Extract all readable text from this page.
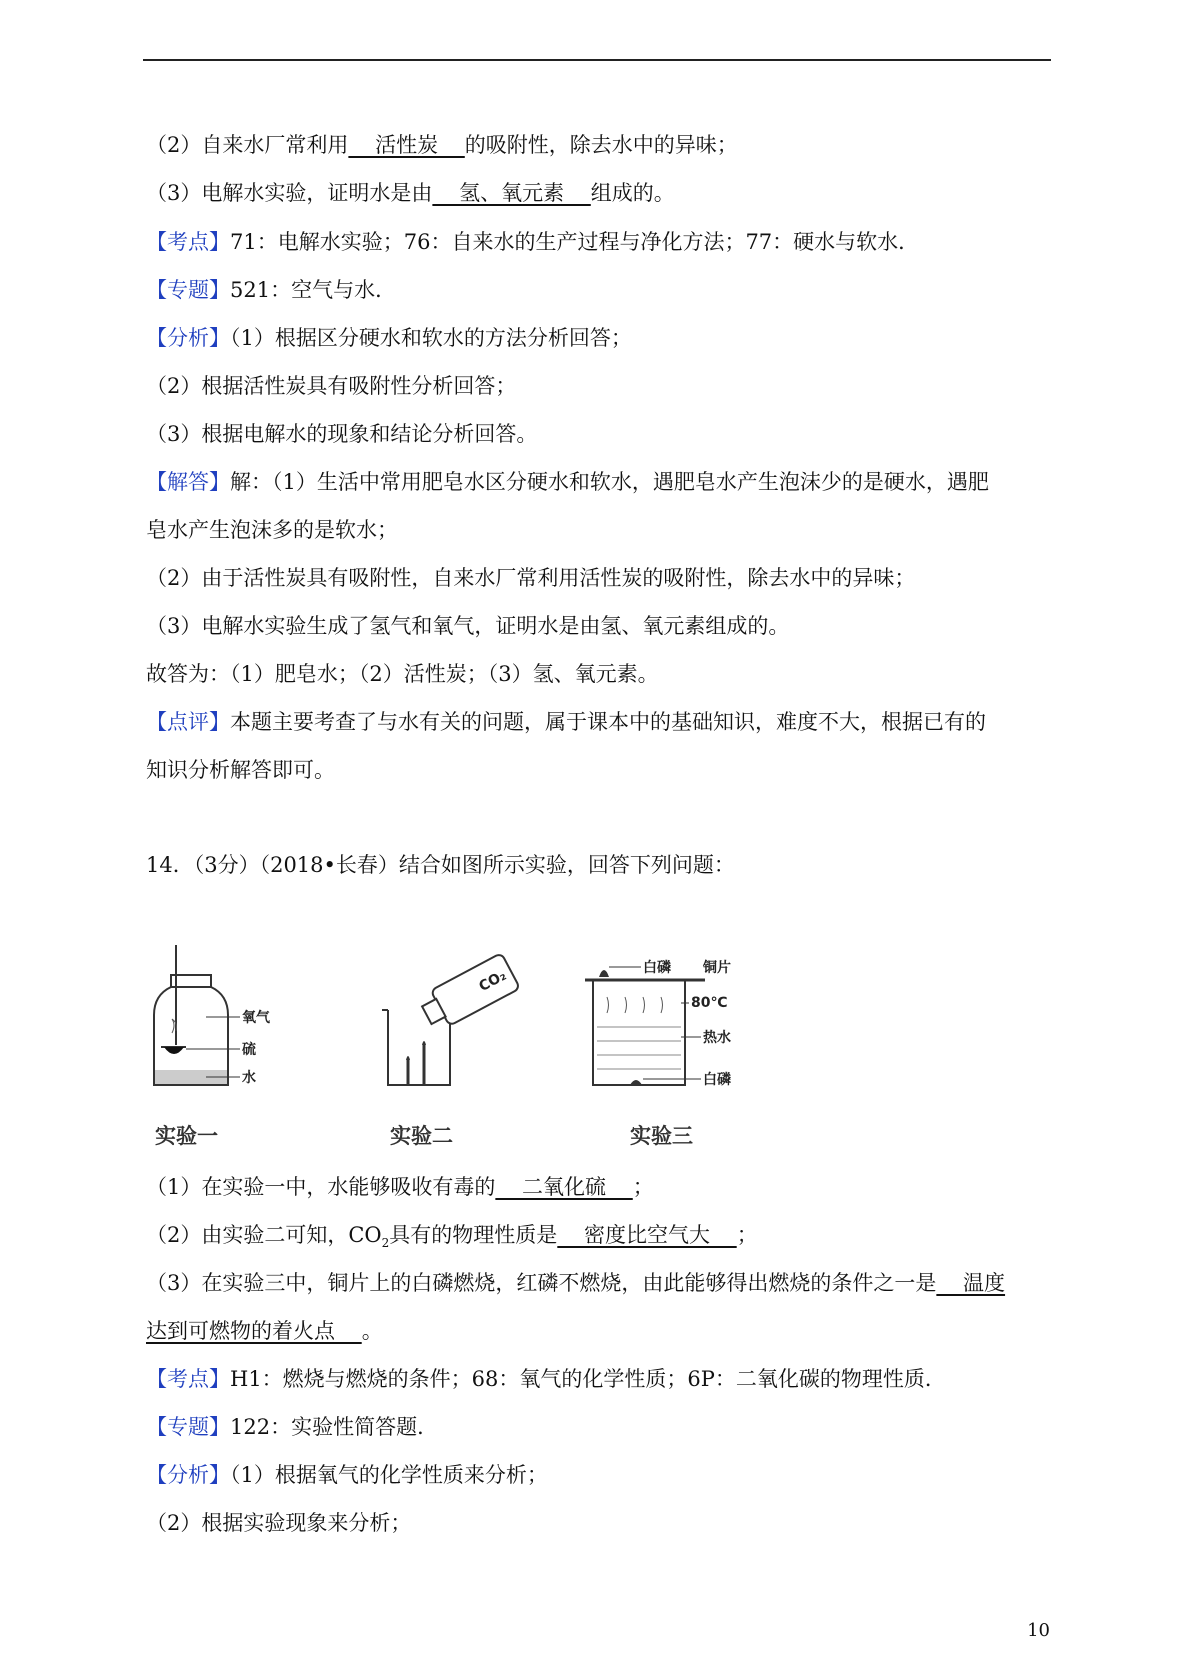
（2）自来水厂常利用    活性炭    的吸附性，除去水中的异味；
（3）电解水实验，证明水是由    氢、氧元素    组成的。
【考点】71：电解水实验；76：自来水的生产过程与净化方法；77：硬水与软水．
【专题】521：空气与水．
【分析】（1）根据区分硬水和软水的方法分析回答；
（2）根据活性炭具有吸附性分析回答；
（3）根据电解水的现象和结论分析回答。
【解答】解：（1）生活中常用肥皂水区分硬水和软水，遇肥皂水产生泡沫少的是硬水，遇肥
皂水产生泡沫多的是软水；
（2）由于活性炭具有吸附性，自来水厂常利用活性炭的吸附性，除去水中的异味；
（3）电解水实验生成了氢气和氧气，证明水是由氢、氧元素组成的。
故答为：（1）肥皂水；（2）活性炭；（3）氢、氧元素。
【点评】本题主要考查了与水有关的问题，属于课本中的基础知识，难度不大，根据已有的
知识分析解答即可。
14．（3分）（2018•长春）结合如图所示实验，回答下列问题：
氧气
硫
水
实验一
CO₂
实验二
白磷 铜片
80℃
热水
白磷
实验三
（1）在实验一中，水能够吸收有毒的    二氧化硫    ；
（2）由实验二可知，$CO_2$具有的物理性质是    密度比空气大    ；
（3）在实验三中，铜片上的白磷燃烧，红磷不燃烧，由此能够得出燃烧的条件之一是    温度
达到可燃物的着火点    。
【考点】H1：燃烧与燃烧的条件；68：氧气的化学性质；6P：二氧化碳的物理性质．
【专题】122：实验性简答题．
【分析】（1）根据氧气的化学性质来分析；
（2）根据实验现象来分析；
10
